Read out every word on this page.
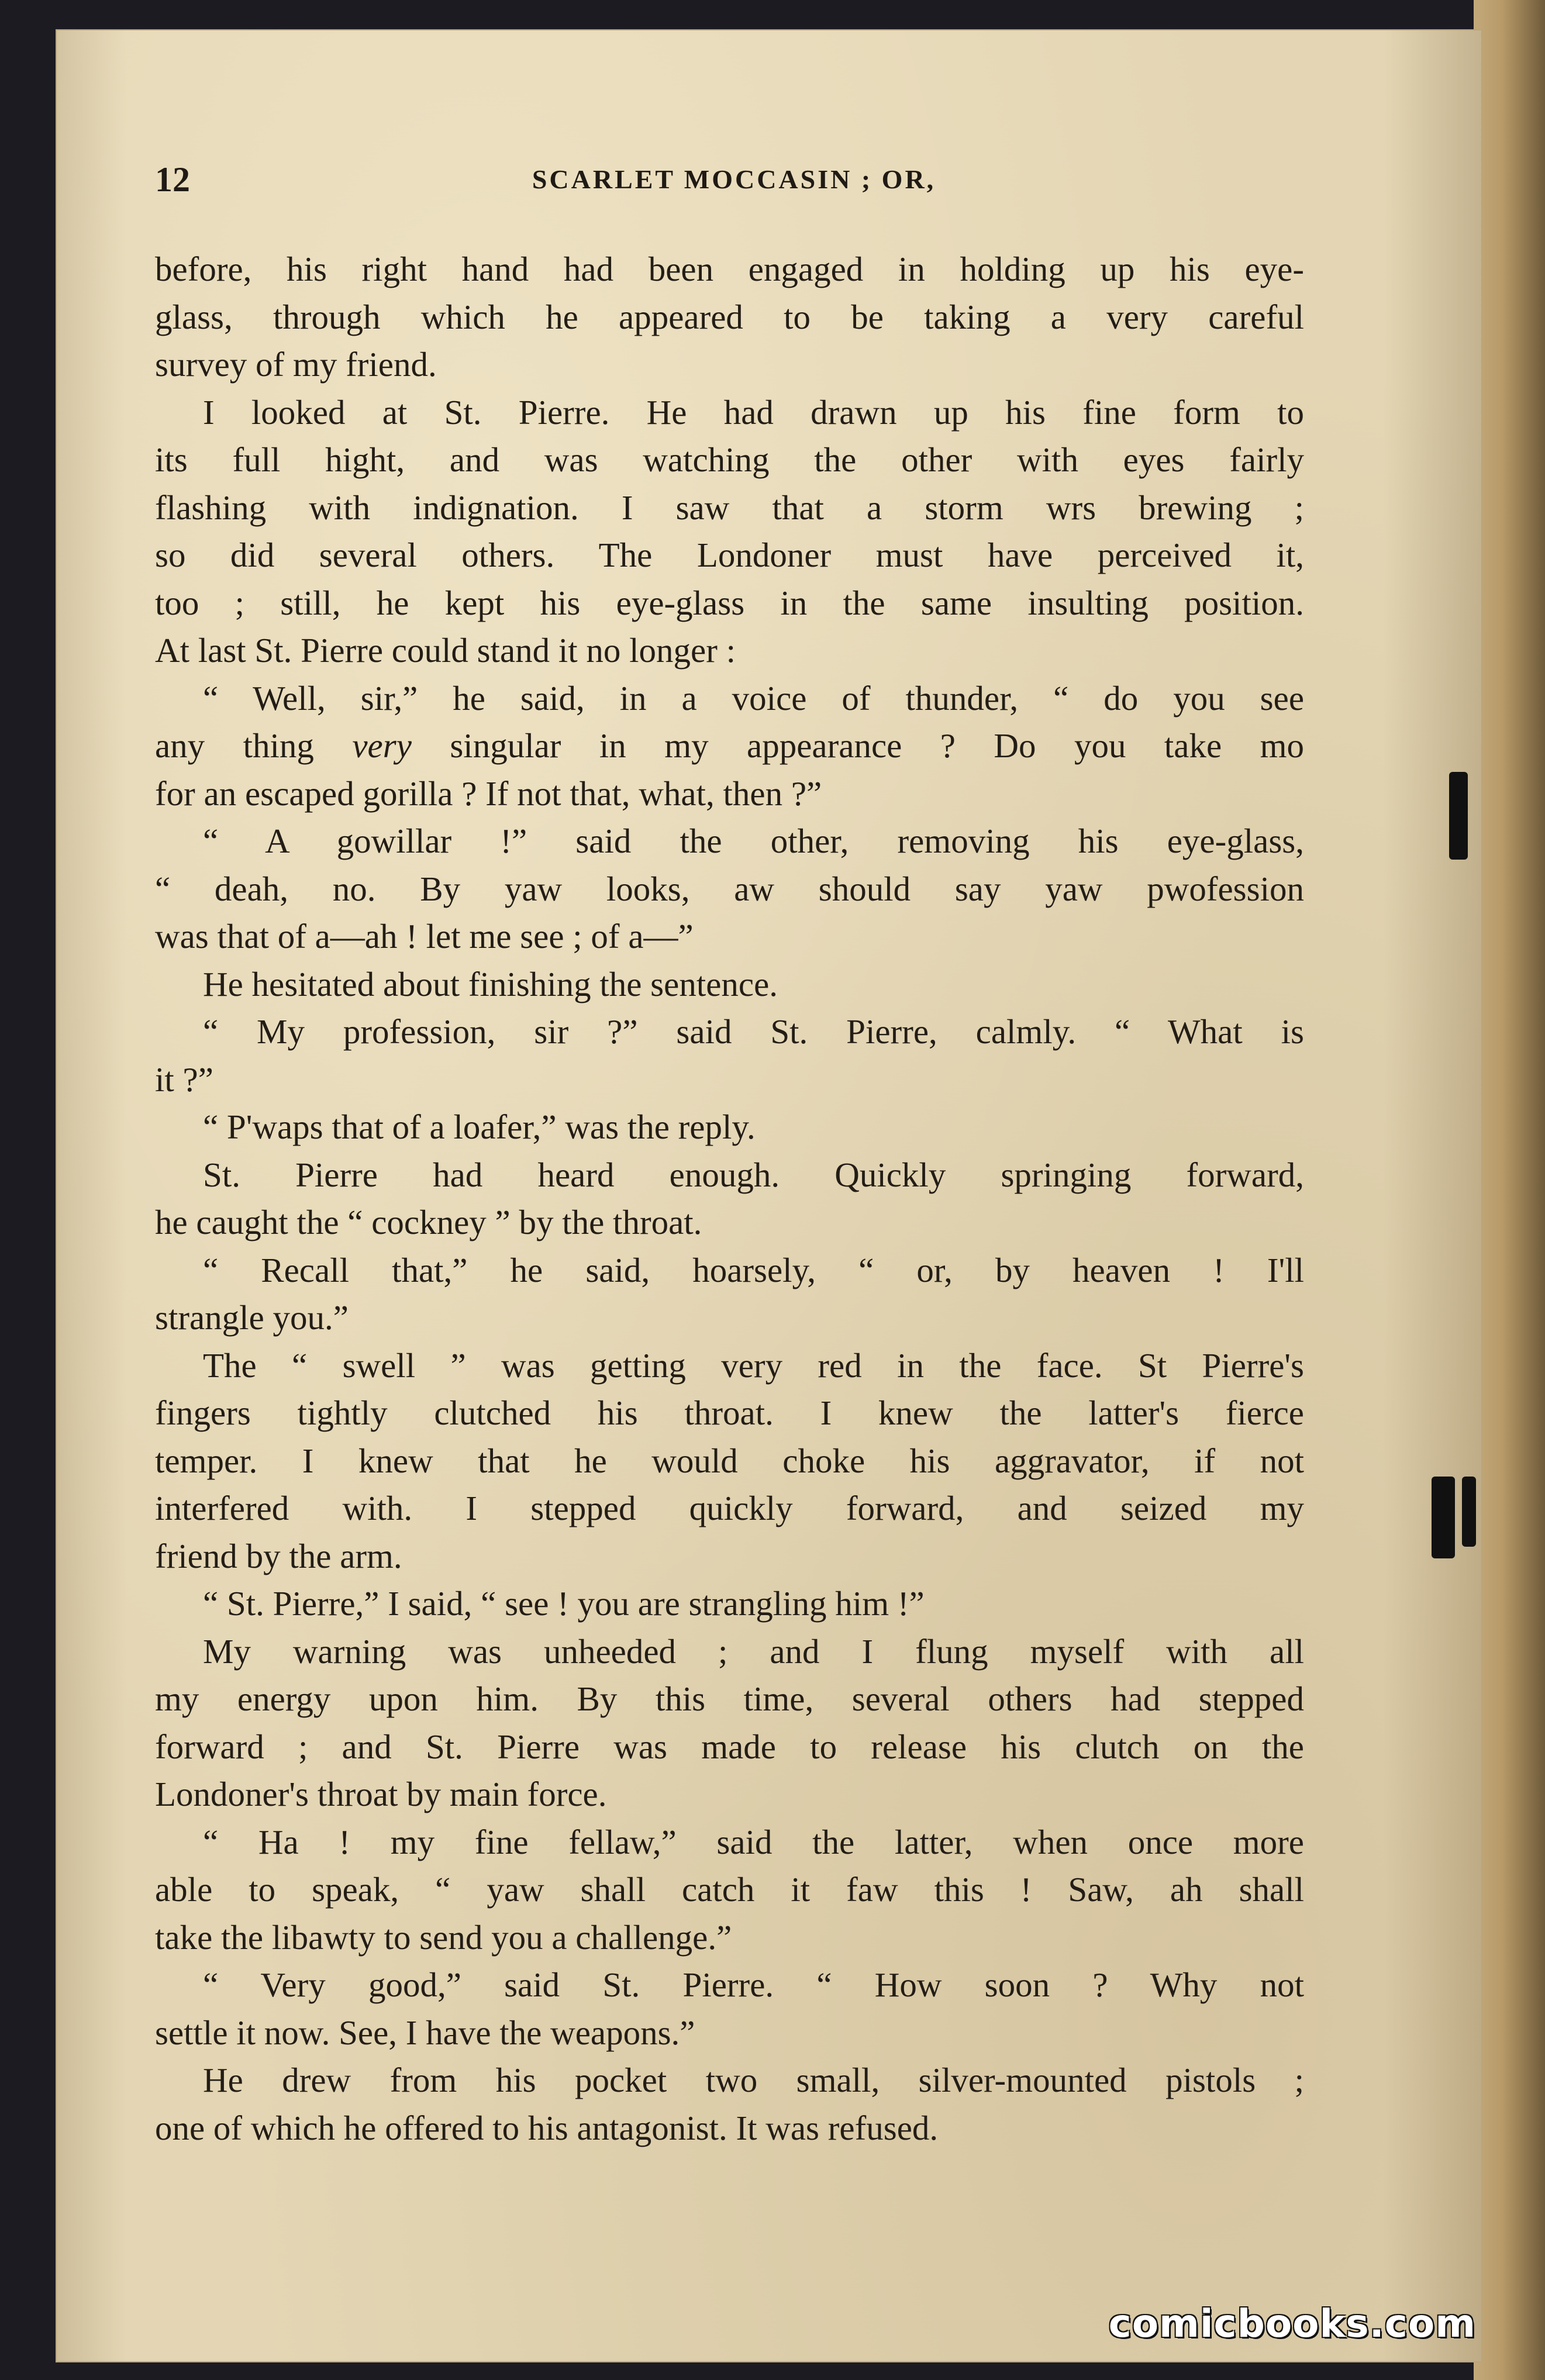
12	SCARLET MOCCASIN ; OR,
before, his right hand had been engaged in holding up his eye-
glass, through which he appeared to be taking a very careful
survey of my friend.
I looked at St. Pierre. He had drawn up his fine form to
its full hight, and was watching the other with eyes fairly
flashing with indignation. I saw that a storm wrs brewing ;
so did several others. The Londoner must have perceived it,
too ; still, he kept his eye-glass in the same insulting position.
At last St. Pierre could stand it no longer :
“ Well, sir,” he said, in a voice of thunder, “ do you see
any thing very singular in my appearance ? Do you take mo
for an escaped gorilla ? If not that, what, then ?”
“ A gowillar !” said the other, removing his eye-glass,
“ deah, no. By yaw looks, aw should say yaw pwofession
was that of a—ah ! let me see ; of a—”
He hesitated about finishing the sentence.
“ My profession, sir ?” said St. Pierre, calmly. “ What is
it ?”
“ P'waps that of a loafer,” was the reply.
St. Pierre had heard enough. Quickly springing forward,
he caught the “ cockney ” by the throat.
“ Recall that,” he said, hoarsely, “ or, by heaven ! I'll
strangle you.”
The “ swell ” was getting very red in the face. St Pierre's
fingers tightly clutched his throat. I knew the latter's fierce
temper. I knew that he would choke his aggravator, if not
interfered with. I stepped quickly forward, and seized my
friend by the arm.
“ St. Pierre,” I said, “ see ! you are strangling him !”
My warning was unheeded ; and I flung myself with all
my energy upon him. By this time, several others had stepped
forward ; and St. Pierre was made to release his clutch on the
Londoner's throat by main force.
“ Ha ! my fine fellaw,” said the latter, when once more
able to speak, “ yaw shall catch it faw this ! Saw, ah shall
take the libawty to send you a challenge.”
“ Very good,” said St. Pierre. “ How soon ? Why not
settle it now. See, I have the weapons.”
He drew from his pocket two small, silver-mounted pistols ;
one of which he offered to his antagonist. It was refused.
comicbooks.com
